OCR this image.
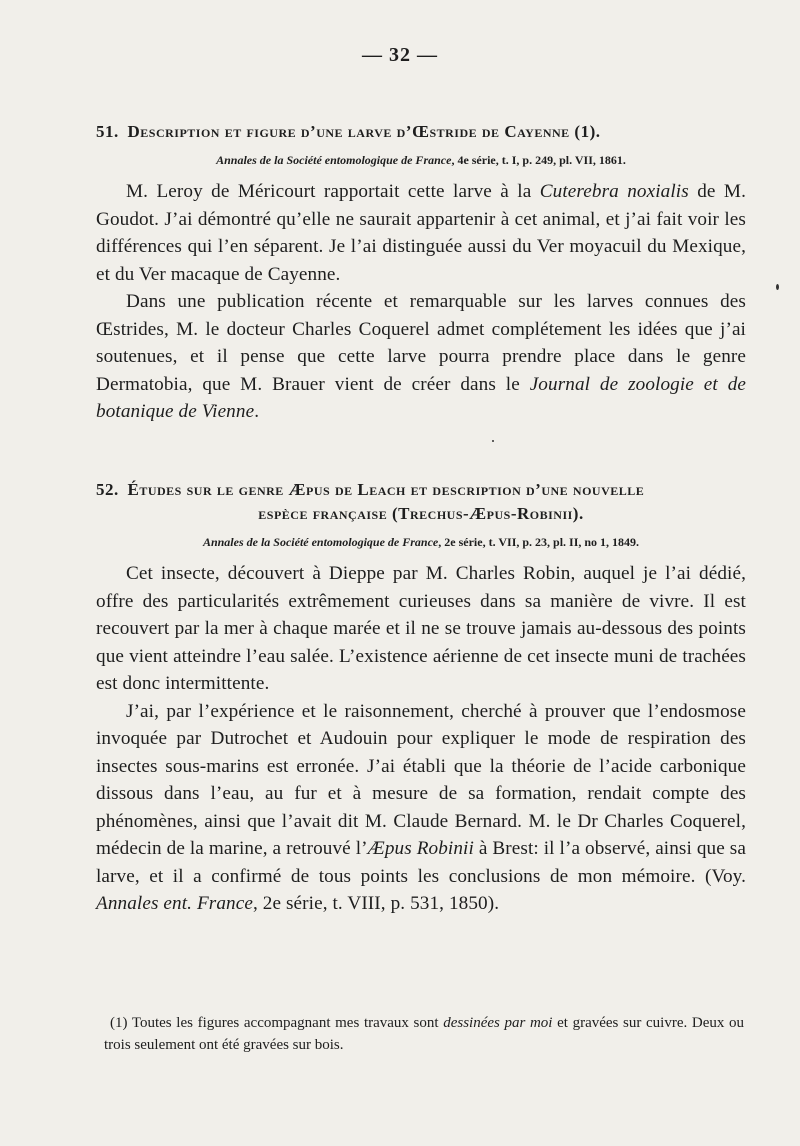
— 32 —

51. Description et figure d’une larve d’Œstride de Cayenne (1).

Annales de la Société entomologique de France, 4e série, t. I, p. 249, pl. VII, 1861.

M. Leroy de Méricourt rapportait cette larve à la Cuterebra noxialis de M. Goudot. J’ai démontré qu’elle ne saurait appartenir à cet animal, et j’ai fait voir les différences qui l’en séparent. Je l’ai distinguée aussi du Ver moyacuil du Mexique, et du Ver macaque de Cayenne.

Dans une publication récente et remarquable sur les larves connues des Œstrides, M. le docteur Charles Coquerel admet complétement les idées que j’ai soutenues, et il pense que cette larve pourra prendre place dans le genre Dermatobia, que M. Brauer vient de créer dans le Journal de zoologie et de botanique de Vienne.

52. Études sur le genre Æpus de Leach et description d’une nouvelle

espèce française (Trechus-Æpus-Robinii).

Annales de la Société entomologique de France, 2e série, t. VII, p. 23, pl. II, no 1, 1849.

Cet insecte, découvert à Dieppe par M. Charles Robin, auquel je l’ai dédié, offre des particularités extrêmement curieuses dans sa manière de vivre. Il est recouvert par la mer à chaque marée et il ne se trouve jamais au-dessous des points que vient atteindre l’eau salée. L’existence aérienne de cet insecte muni de trachées est donc intermittente.

J’ai, par l’expérience et le raisonnement, cherché à prouver que l’endosmose invoquée par Dutrochet et Audouin pour expliquer le mode de respiration des insectes sous-marins est erronée. J’ai établi que la théorie de l’acide carbonique dissous dans l’eau, au fur et à mesure de sa formation, rendait compte des phénomènes, ainsi que l’avait dit M. Claude Bernard. M. le Dr Charles Coquerel, médecin de la marine, a retrouvé l’Æpus Robinii à Brest: il l’a observé, ainsi que sa larve, et il a confirmé de tous points les conclusions de mon mémoire. (Voy. Annales ent. France, 2e série, t. VIII, p. 531, 1850).

(1) Toutes les figures accompagnant mes travaux sont dessinées par moi et gravées sur cuivre. Deux ou trois seulement ont été gravées sur bois.
